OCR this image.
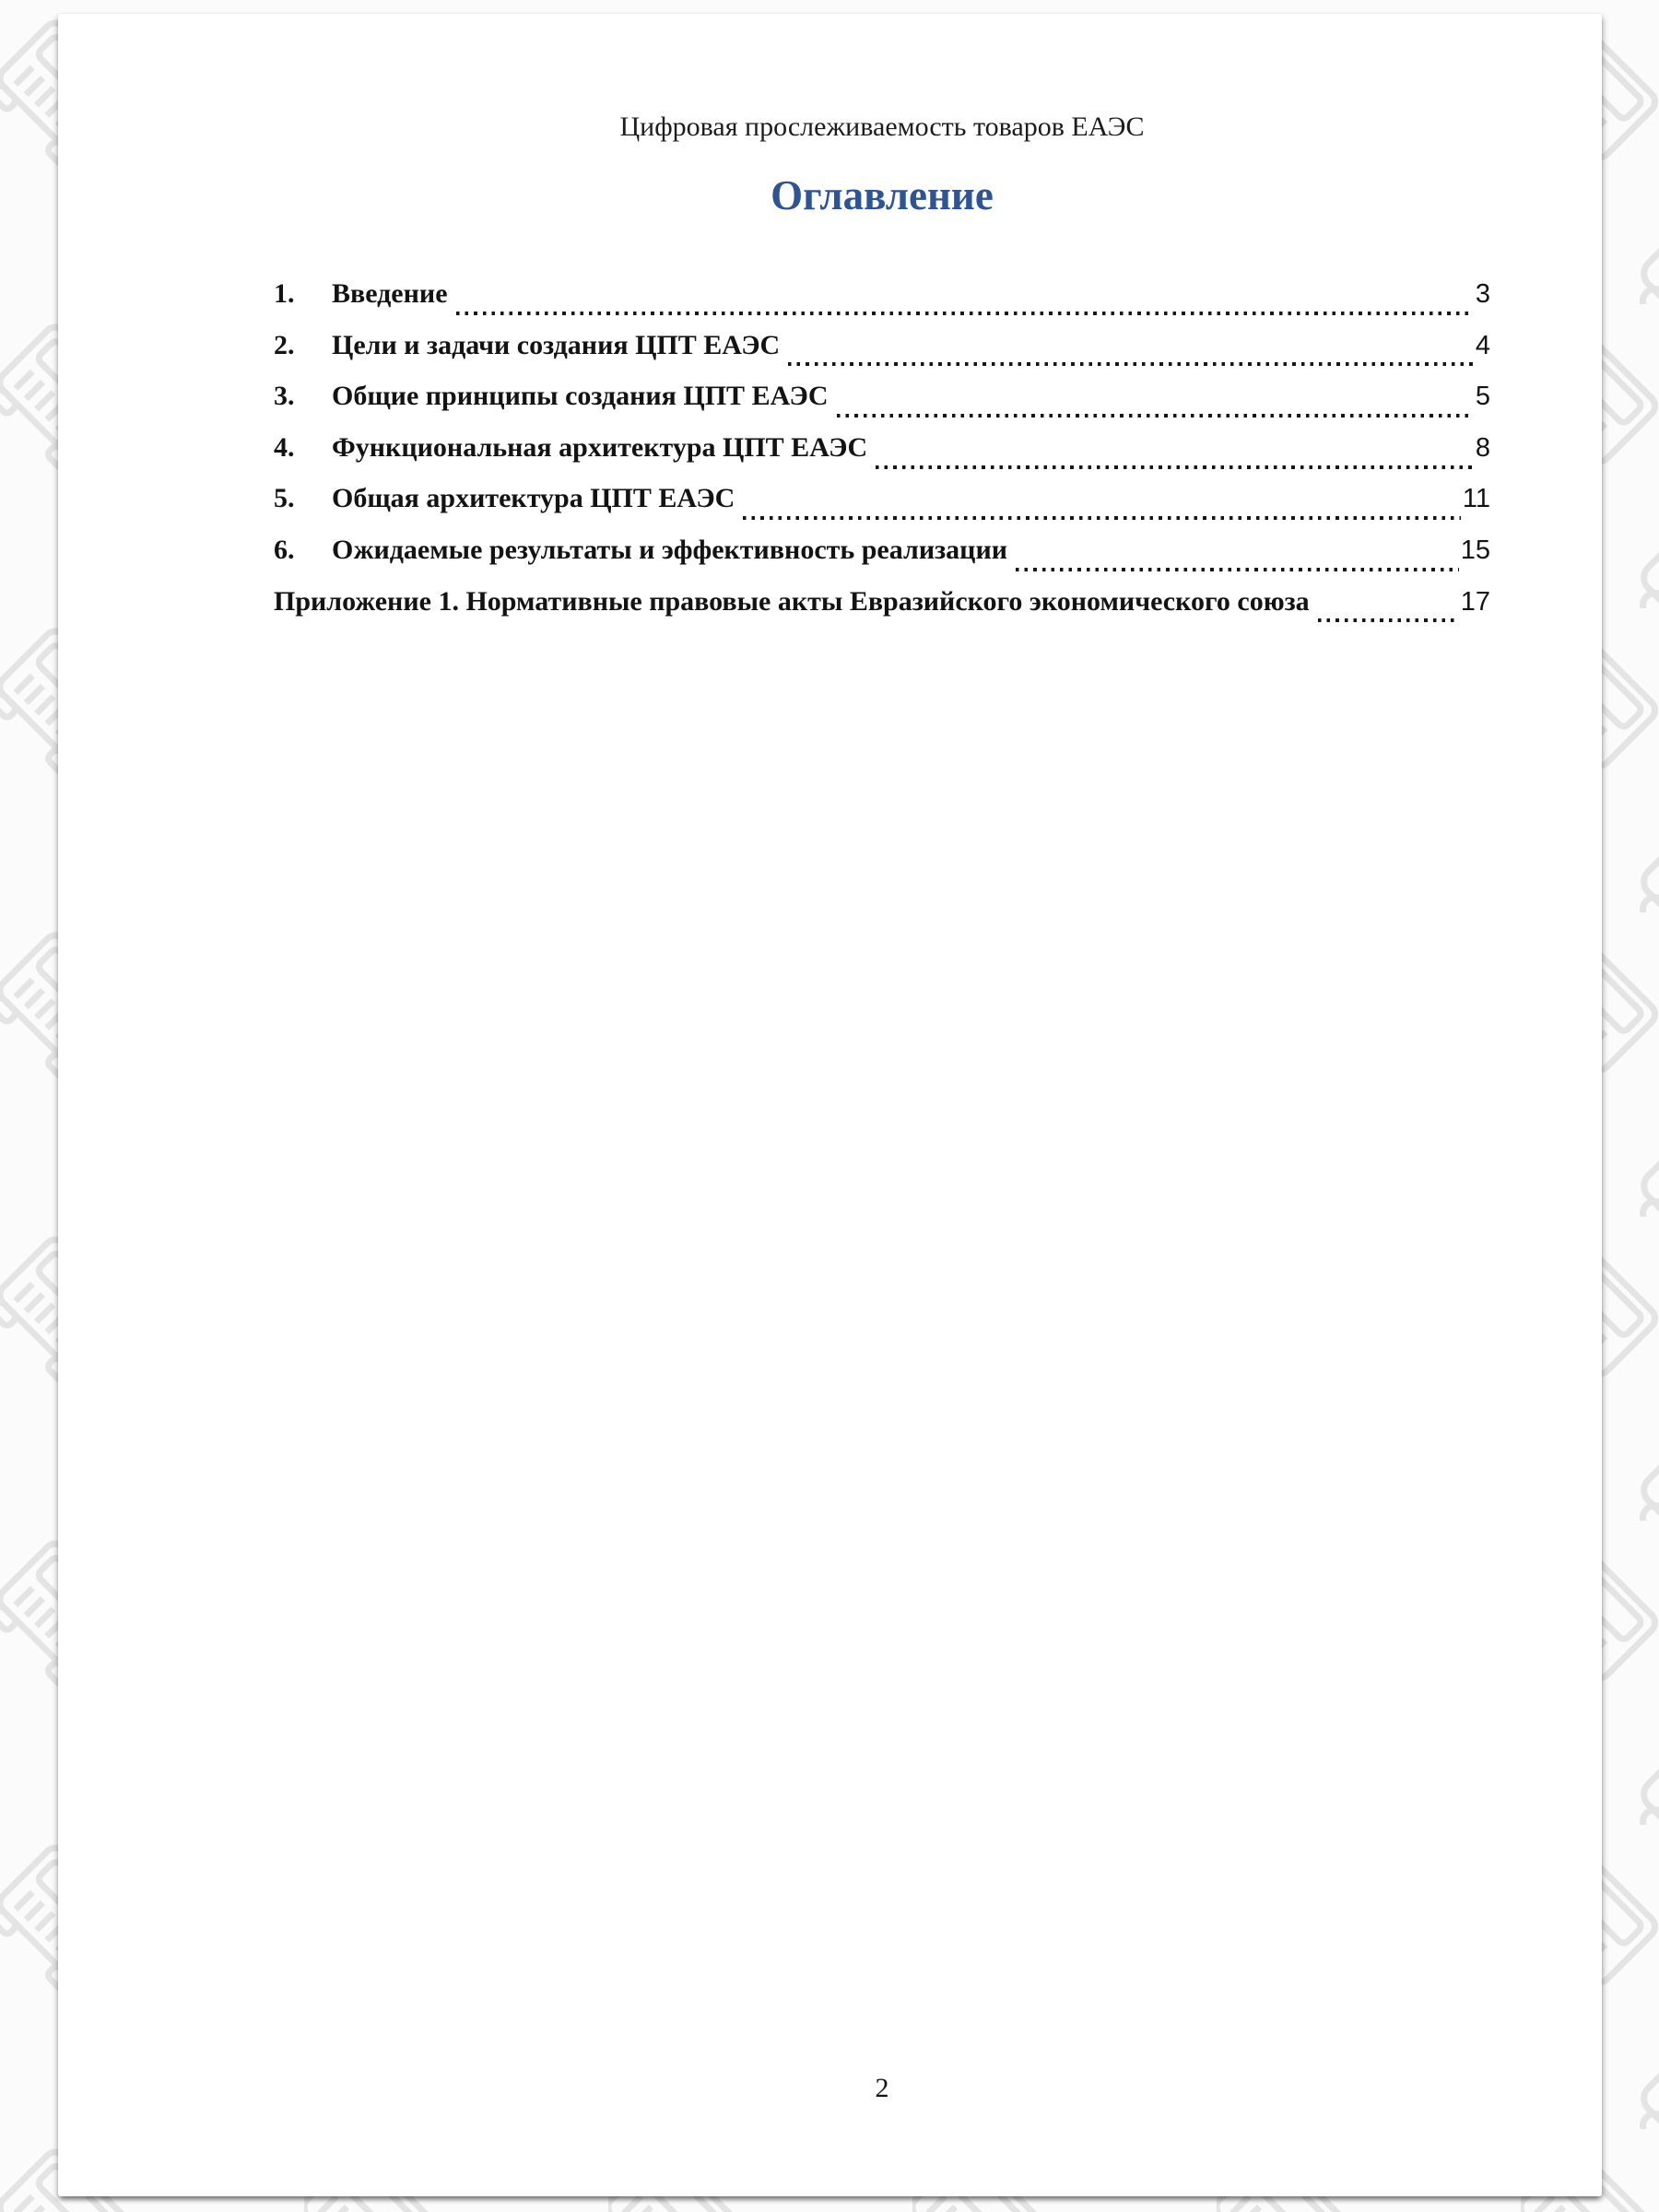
Цифровая прослеживаемость товаров ЕАЭС
Оглавление
1.	Введение	3
2.	Цели и задачи создания ЦПТ ЕАЭС	4
3.	Общие принципы создания ЦПТ ЕАЭС	5
4.	Функциональная архитектура ЦПТ ЕАЭС	8
5.	Общая архитектура ЦПТ ЕАЭС	11
6.	Ожидаемые результаты и эффективность реализации	15
Приложение 1. Нормативные правовые акты Евразийского экономического союза	17
2
